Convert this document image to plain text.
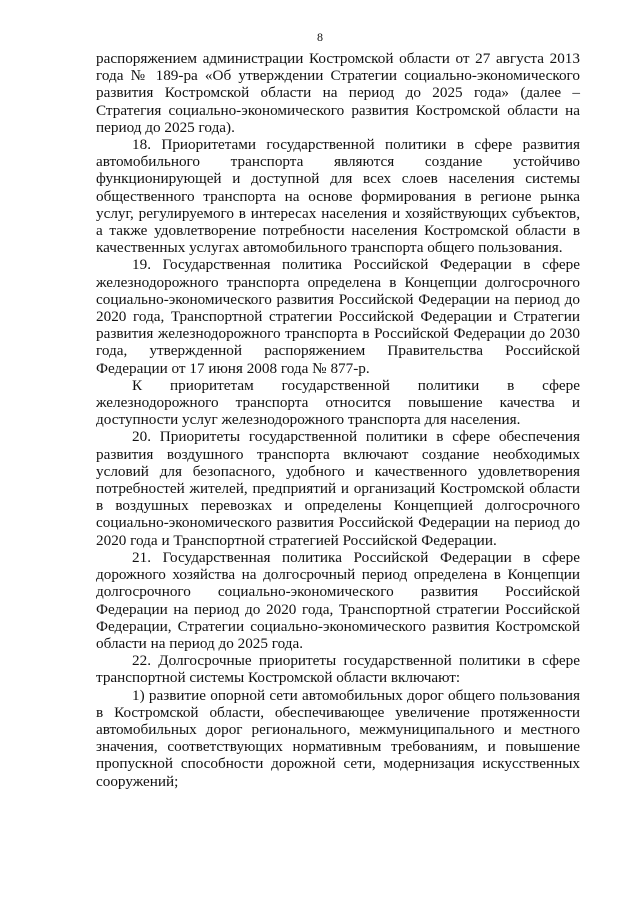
8

распоряжением администрации Костромской области от 27 августа 2013 года № 189-ра «Об утверждении Стратегии социально-экономического развития Костромской области на период до 2025 года» (далее – Стратегия социально-экономического развития Костромской области на период до 2025 года).

18. Приоритетами государственной политики в сфере развития автомобильного транспорта являются создание устойчиво функционирующей и доступной для всех слоев населения системы общественного транспорта на основе формирования в регионе рынка услуг, регулируемого в интересах населения и хозяйствующих субъектов, а также удовлетворение потребности населения Костромской области в качественных услугах автомобильного транспорта общего пользования.

19. Государственная политика Российской Федерации в сфере железнодорожного транспорта определена в Концепции долгосрочного социально-экономического развития Российской Федерации на период до 2020 года, Транспортной стратегии Российской Федерации и Стратегии развития железнодорожного транспорта в Российской Федерации до 2030 года, утвержденной распоряжением Правительства Российской Федерации от 17 июня 2008 года № 877-р.

К приоритетам государственной политики в сфере железнодорожного транспорта относится повышение качества и доступности услуг железнодорожного транспорта для населения.

20. Приоритеты государственной политики в сфере обеспечения развития воздушного транспорта включают создание необходимых условий для безопасного, удобного и качественного удовлетворения потребностей жителей, предприятий и организаций Костромской области в воздушных перевозках и определены Концепцией долгосрочного социально-экономического развития Российской Федерации на период до 2020 года и Транспортной стратегией Российской Федерации.

21. Государственная политика Российской Федерации в сфере дорожного хозяйства на долгосрочный период определена в Концепции долгосрочного социально-экономического развития Российской Федерации на период до 2020 года, Транспортной стратегии Российской Федерации, Стратегии социально-экономического развития Костромской области на период до 2025 года.

22. Долгосрочные приоритеты государственной политики в сфере транспортной системы Костромской области включают:

1) развитие опорной сети автомобильных дорог общего пользования в Костромской области, обеспечивающее увеличение протяженности автомобильных дорог регионального, межмуниципального и местного значения, соответствующих нормативным требованиям, и повышение пропускной способности дорожной сети, модернизация искусственных сооружений;
